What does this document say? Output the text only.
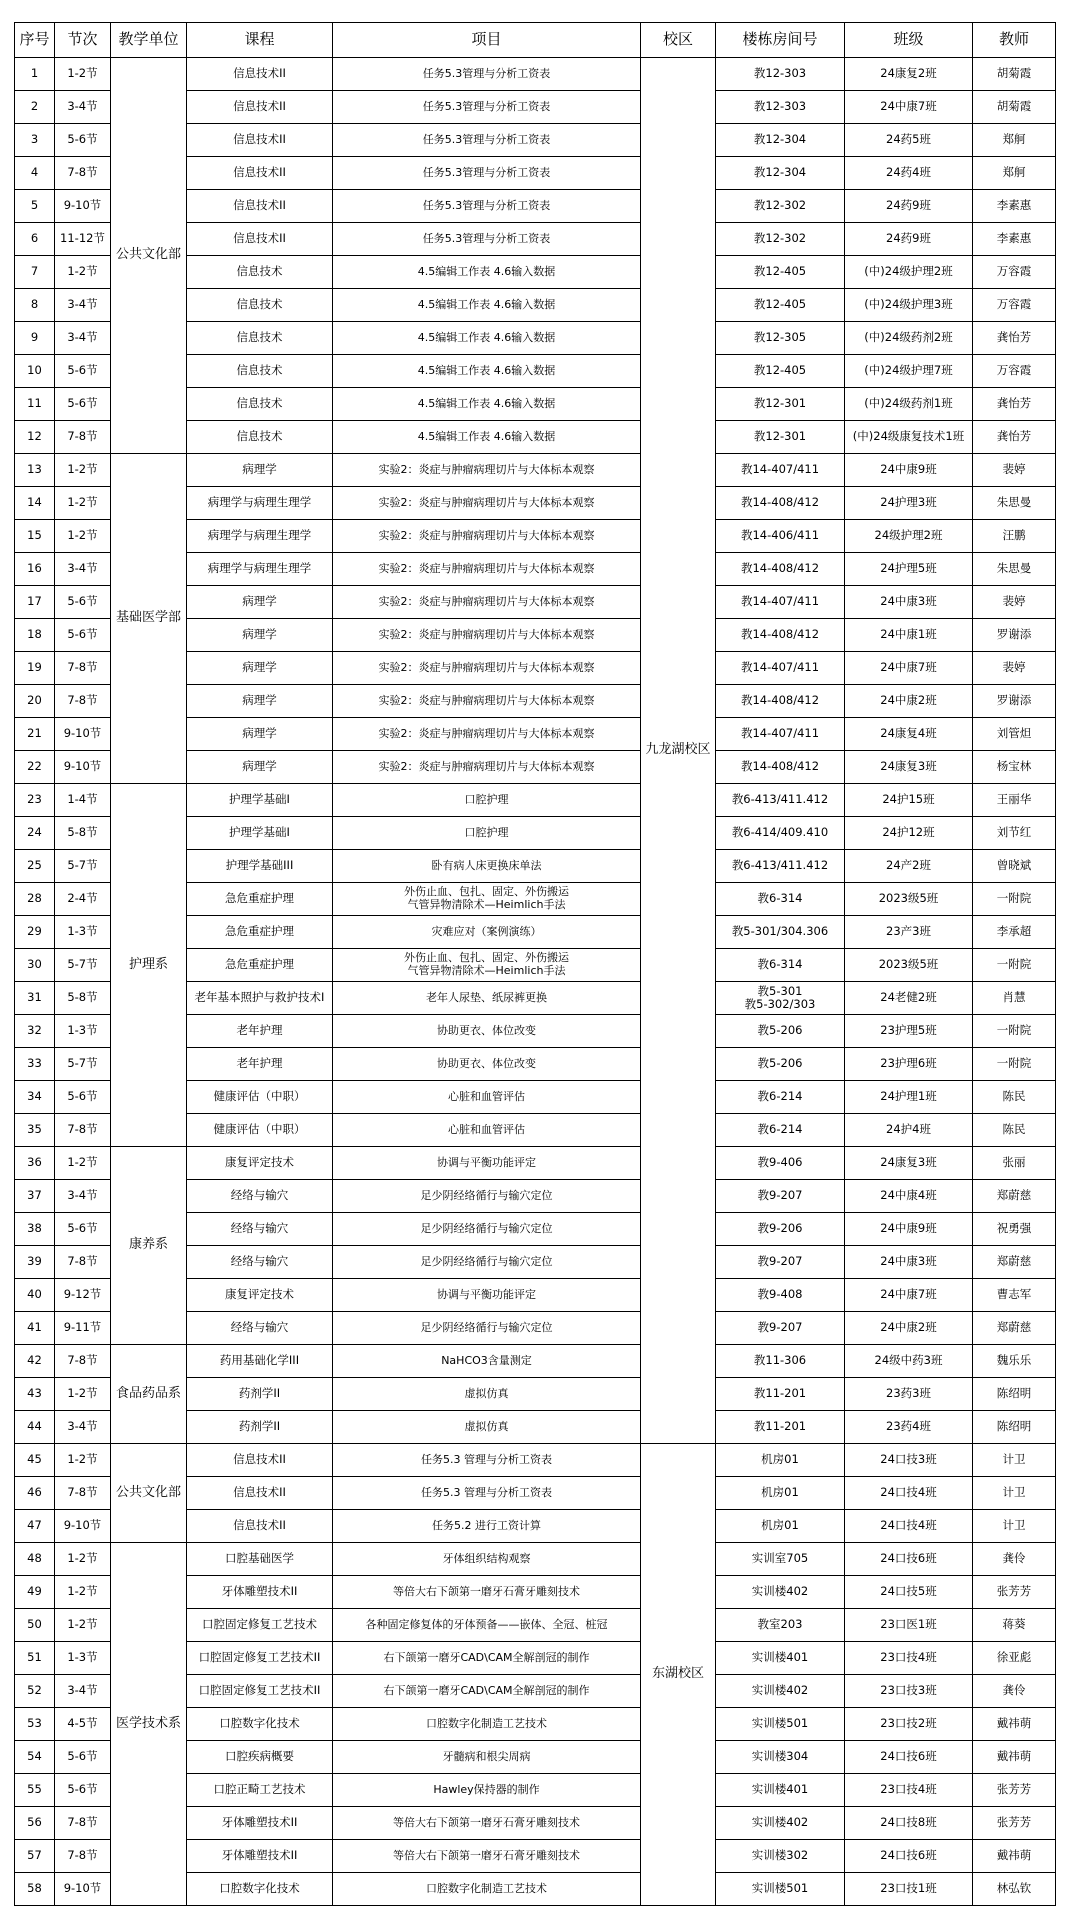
序号	节次	教学单位	课程	项目	校区	楼栋房间号	班级	教师
1	1-2节	公共文化部	信息技术II	任务5.3管理与分析工资表	九龙湖校区	教12-303	24康复2班	胡菊霞
2	3-4节		信息技术II	任务5.3管理与分析工资表		教12-303	24中康7班	胡菊霞
3	5-6节		信息技术II	任务5.3管理与分析工资表		教12-304	24药5班	郑舸
4	7-8节		信息技术II	任务5.3管理与分析工资表		教12-304	24药4班	郑舸
5	9-10节		信息技术II	任务5.3管理与分析工资表		教12-302	24药9班	李素惠
6	11-12节		信息技术II	任务5.3管理与分析工资表		教12-302	24药9班	李素惠
7	1-2节		信息技术	4.5编辑工作表 4.6输入数据		教12-405	(中)24级护理2班	万容霞
8	3-4节		信息技术	4.5编辑工作表 4.6输入数据		教12-405	(中)24级护理3班	万容霞
9	3-4节		信息技术	4.5编辑工作表 4.6输入数据		教12-305	(中)24级药剂2班	龚怡芳
10	5-6节		信息技术	4.5编辑工作表 4.6输入数据		教12-405	(中)24级护理7班	万容霞
11	5-6节		信息技术	4.5编辑工作表 4.6输入数据		教12-301	(中)24级药剂1班	龚怡芳
12	7-8节		信息技术	4.5编辑工作表 4.6输入数据		教12-301	(中)24级康复技术1班	龚怡芳
13	1-2节	基础医学部	病理学	实验2：炎症与肿瘤病理切片与大体标本观察		教14-407/411	24中康9班	裴婷
14	1-2节		病理学与病理生理学	实验2：炎症与肿瘤病理切片与大体标本观察		教14-408/412	24护理3班	朱思曼
15	1-2节		病理学与病理生理学	实验2：炎症与肿瘤病理切片与大体标本观察		教14-406/411	24级护理2班	汪鹏
16	3-4节		病理学与病理生理学	实验2：炎症与肿瘤病理切片与大体标本观察		教14-408/412	24护理5班	朱思曼
17	5-6节		病理学	实验2：炎症与肿瘤病理切片与大体标本观察		教14-407/411	24中康3班	裴婷
18	5-6节		病理学	实验2：炎症与肿瘤病理切片与大体标本观察		教14-408/412	24中康1班	罗谢添
19	7-8节		病理学	实验2：炎症与肿瘤病理切片与大体标本观察		教14-407/411	24中康7班	裴婷
20	7-8节		病理学	实验2：炎症与肿瘤病理切片与大体标本观察		教14-408/412	24中康2班	罗谢添
21	9-10节		病理学	实验2：炎症与肿瘤病理切片与大体标本观察		教14-407/411	24康复4班	刘管炟
22	9-10节		病理学	实验2：炎症与肿瘤病理切片与大体标本观察		教14-408/412	24康复3班	杨宝林
23	1-4节	护理系	护理学基础I	口腔护理		教6-413/411.412	24护15班	王丽华
24	5-8节		护理学基础I	口腔护理		教6-414/409.410	24护12班	刘节红
25	5-7节		护理学基础III	卧有病人床更换床单法		教6-413/411.412	24产2班	曾晓斌
28	2-4节		急危重症护理	外伤止血、包扎、固定、外伤搬运
气管异物清除术—Heimlich手法		教6-314	2023级5班	一附院
29	1-3节		急危重症护理	灾难应对（案例演练）		教5-301/304.306	23产3班	李承超
30	5-7节		急危重症护理	外伤止血、包扎、固定、外伤搬运
气管异物清除术—Heimlich手法		教6-314	2023级5班	一附院
31	5-8节		老年基本照护与救护技术Ⅰ	老年人尿垫、纸尿裤更换		教5-301
教5-302/303	24老健2班	肖慧
32	1-3节		老年护理	协助更衣、体位改变		教5-206	23护理5班	一附院
33	5-7节		老年护理	协助更衣、体位改变		教5-206	23护理6班	一附院
34	5-6节		健康评估（中职）	心脏和血管评估		教6-214	24护理1班	陈民
35	7-8节		健康评估（中职）	心脏和血管评估		教6-214	24护4班	陈民
36	1-2节	康养系	康复评定技术	协调与平衡功能评定		教9-406	24康复3班	张丽
37	3-4节		经络与输穴	足少阴经络循行与输穴定位		教9-207	24中康4班	郑蔚慈
38	5-6节		经络与输穴	足少阴经络循行与输穴定位		教9-206	24中康9班	祝勇强
39	7-8节		经络与输穴	足少阴经络循行与输穴定位		教9-207	24中康3班	郑蔚慈
40	9-12节		康复评定技术	协调与平衡功能评定		教9-408	24中康7班	曹志军
41	9-11节		经络与输穴	足少阴经络循行与输穴定位		教9-207	24中康2班	郑蔚慈
42	7-8节	食品药品系	药用基础化学III	NaHCO3含量测定		教11-306	24级中药3班	魏乐乐
43	1-2节		药剂学II	虚拟仿真		教11-201	23药3班	陈绍明
44	3-4节		药剂学II	虚拟仿真		教11-201	23药4班	陈绍明
45	1-2节	公共文化部	信息技术II	任务5.3 管理与分析工资表	东湖校区	机房01	24口技3班	计卫
46	7-8节		信息技术II	任务5.3 管理与分析工资表		机房01	24口技4班	计卫
47	9-10节		信息技术II	任务5.2 进行工资计算		机房01	24口技4班	计卫
48	1-2节	医学技术系	口腔基础医学	牙体组织结构观察		实训室705	24口技6班	龚伶
49	1-2节		牙体雕塑技术II	等倍大右下颌第一磨牙石膏牙雕刻技术		实训楼402	24口技5班	张芳芳
50	1-2节		口腔固定修复工艺技术	各种固定修复体的牙体预备——嵌体、全冠、桩冠		教室203	23口医1班	蒋葵
51	1-3节		口腔固定修复工艺技术II	右下颌第一磨牙CAD\CAM全解剖冠的制作		实训楼401	23口技4班	徐亚彪
52	3-4节		口腔固定修复工艺技术II	右下颌第一磨牙CAD\CAM全解剖冠的制作		实训楼402	23口技3班	龚伶
53	4-5节		口腔数字化技术	口腔数字化制造工艺技术		实训楼501	23口技2班	戴祎萌
54	5-6节		口腔疾病概要	牙髓病和根尖周病		实训楼304	24口技6班	戴祎萌
55	5-6节		口腔正畸工艺技术	Hawley保持器的制作		实训楼401	23口技4班	张芳芳
56	7-8节		牙体雕塑技术II	等倍大右下颌第一磨牙石膏牙雕刻技术		实训楼402	24口技8班	张芳芳
57	7-8节		牙体雕塑技术II	等倍大右下颌第一磨牙石膏牙雕刻技术		实训楼302	24口技6班	戴祎萌
58	9-10节		口腔数字化技术	口腔数字化制造工艺技术		实训楼501	23口技1班	林弘钦
